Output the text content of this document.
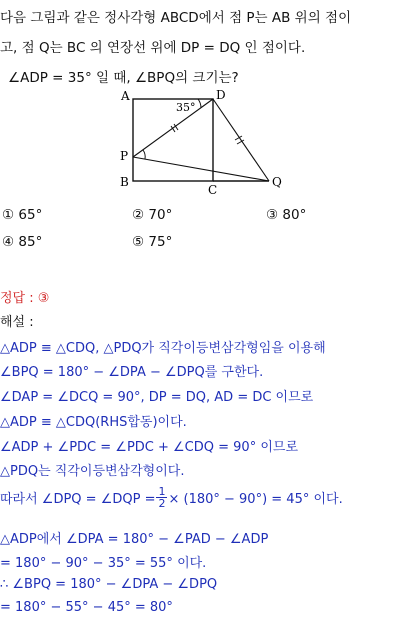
다음 그림과 같은 정사각형 ABCD에서 점 P는 AB 위의 점이
고, 점 Q는 BC 의 연장선 위에 DP = DQ 인 점이다.
∠ADP = 35° 일 때, ∠BPQ의 크기는?
A	D
P
B
C
Q
35°
① 65°	② 70°	③ 80°
④ 85°	⑤ 75°
정답 : ③
해설 :
△ADP ≡ △CDQ, △PDQ가 직각이등변삼각형임을 이용해
∠BPQ = 180° − ∠DPA − ∠DPQ를 구한다.
∠DAP = ∠DCQ = 90°, DP = DQ, AD = DC 이므로
△ADP ≡ △CDQ(RHS합동)이다.
∠ADP + ∠PDC = ∠PDC + ∠CDQ = 90° 이므로
△PDQ는 직각이등변삼각형이다.
따라서 ∠DPQ = ∠DQP = $\frac{1}{2} \times (180^\circ - 90^\circ) = 45^\circ$ 이다.
△ADP에서 ∠DPA = 180° − ∠PAD − ∠ADP
= 180° − 90° − 35° = 55° 이다.
∴ ∠BPQ = 180° − ∠DPA − ∠DPQ
= 180° − 55° − 45° = 80°
